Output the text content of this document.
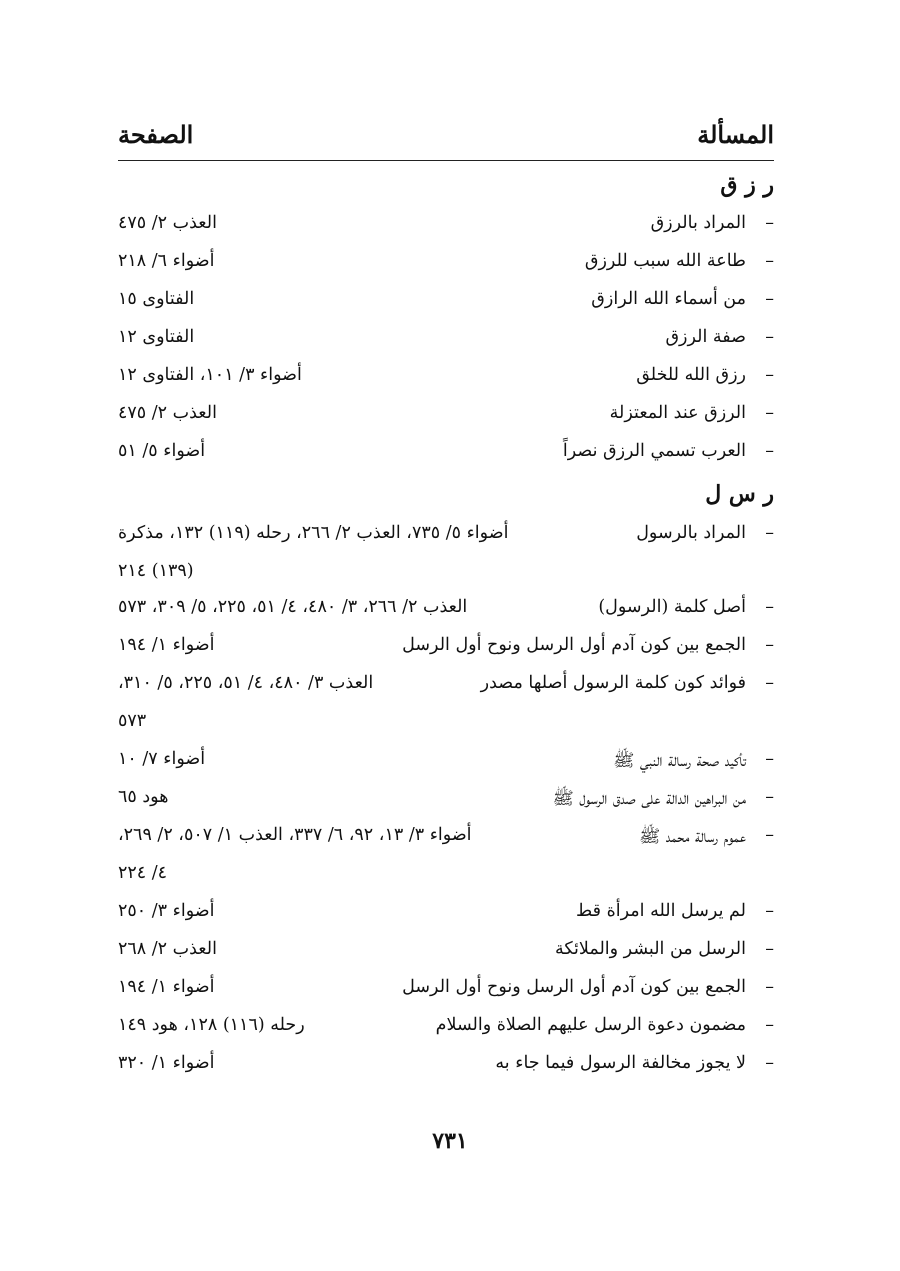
المسألة
الصفحة
ر ز ق
–
المراد بالرزق
العذب ٢/ ٤٧٥
–
طاعة الله سبب للرزق
أضواء ٦/ ٢١٨
–
من أسماء الله الرازق
الفتاوى ١٥
–
صفة الرزق
الفتاوى ١٢
–
رزق الله للخلق
أضواء ٣/ ١٠١، الفتاوى ١٢
–
الرزق عند المعتزلة
العذب ٢/ ٤٧٥
–
العرب تسمي الرزق نصراً
أضواء ٥/ ٥١
ر س ل
–
المراد بالرسول
أضواء ٥/ ٧٣٥، العذب ٢/ ٢٦٦، رحله (١١٩) ١٣٢، مذكرة
(١٣٩) ٢١٤
–
أصل كلمة (الرسول)
العذب ٢/ ٢٦٦، ٣/ ٤٨٠، ٤/ ٥١، ٢٢٥، ٥/ ٣٠٩، ٥٧٣
–
الجمع بين كون آدم أول الرسل ونوح أول الرسل
أضواء ١/ ١٩٤
–
فوائد كون كلمة الرسول أصلها مصدر
العذب ٣/ ٤٨٠، ٤/ ٥١، ٢٢٥، ٥/ ٣١٠،
٥٧٣
–
تأكيد صحة رسالة النبي ﷺ
أضواء ٧/ ١٠
–
من البراهين الدالة على صدق الرسول ﷺ
هود ٦٥
–
عموم رسالة محمد ﷺ
أضواء ٣/ ١٣، ٩٢، ٦/ ٣٣٧، العذب ١/ ٥٠٧، ٢/ ٢٦٩،
٤/ ٢٢٤
–
لم يرسل الله امرأة قط
أضواء ٣/ ٢٥٠
–
الرسل من البشر والملائكة
العذب ٢/ ٢٦٨
–
الجمع بين كون آدم أول الرسل ونوح أول الرسل
أضواء ١/ ١٩٤
–
مضمون دعوة الرسل عليهم الصلاة والسلام
رحله (١١٦) ١٢٨، هود ١٤٩
–
لا يجوز مخالفة الرسول فيما جاء به
أضواء ١/ ٣٢٠
٧٣١
